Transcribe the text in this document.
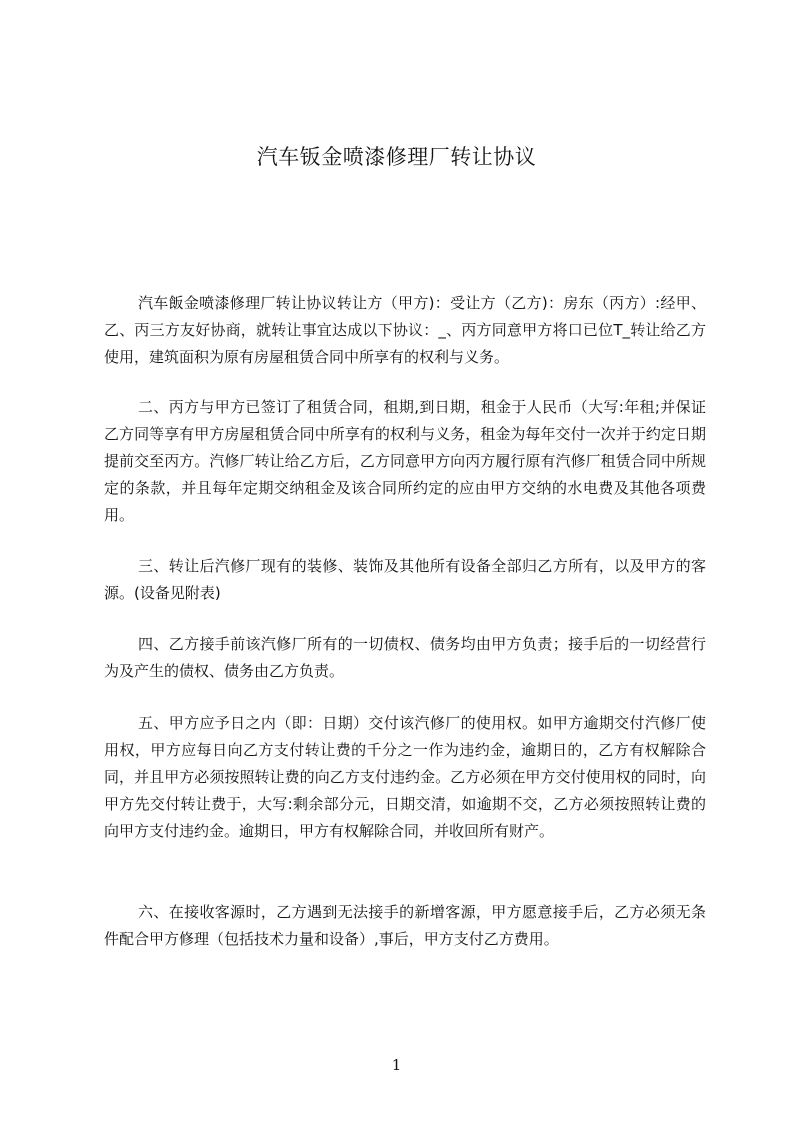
汽车钣金喷漆修理厂转让协议
汽车飯金喷漆修理厂转让协议转让方（甲方)：受让方（乙方)：房东（丙方）:经甲、乙、丙三方友好协商，就转让事宜达成以下协议：_、丙方同意甲方将口已位T_转让给乙方使用，建筑面积为原有房屋租赁合同中所享有的权利与义务。
二、丙方与甲方已签订了租赁合同，租期,到日期，租金于人民币（大写:年租;并保证乙方同等享有甲方房屋租赁合同中所享有的权利与义务，租金为每年交付一次并于约定日期提前交至丙方。汽修厂转让给乙方后，乙方同意甲方向丙方履行原有汽修厂租赁合同中所规定的条款，并且每年定期交纳租金及该合同所约定的应由甲方交纳的水电费及其他各项费用。
三、转让后汽修厂现有的装修、装饰及其他所有设备全部归乙方所有，以及甲方的客源。(设备见附表)
四、乙方接手前该汽修厂所有的一切债权、债务均由甲方负责；接手后的一切经营行为及产生的债权、债务由乙方负责。
五、甲方应予日之内（即：日期）交付该汽修厂的使用权。如甲方逾期交付汽修厂使用权，甲方应每日向乙方支付转让费的千分之一作为违约金，逾期日的，乙方有权解除合同，并且甲方必须按照转让费的向乙方支付违约金。乙方必须在甲方交付使用权的同时，向甲方先交付转让费于，大写:剩余部分元，日期交清，如逾期不交，乙方必须按照转让费的向甲方支付违约金。逾期日，甲方有权解除合同，并收回所有财产。
六、在接收客源时，乙方遇到无法接手的新增客源，甲方愿意接手后，乙方必须无条件配合甲方修理（包括技术力量和设备）,事后，甲方支付乙方费用。
1
